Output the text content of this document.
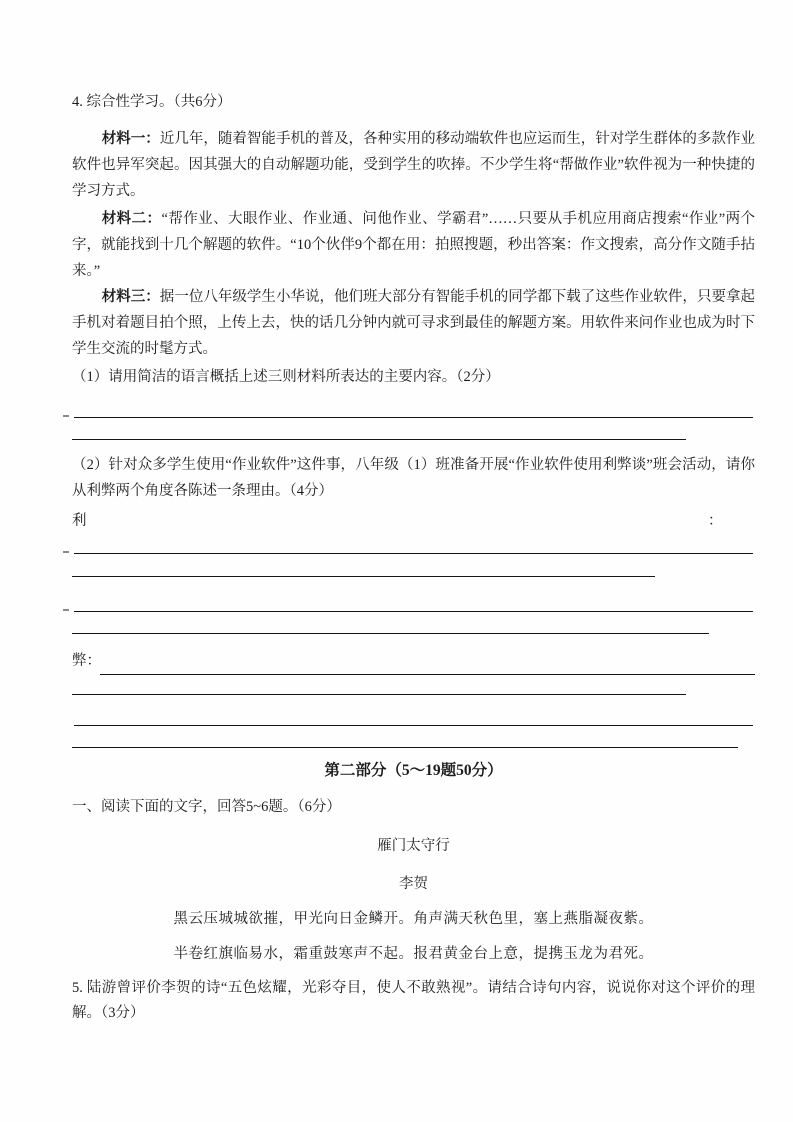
4. 综合性学习。（共6分）

材料一：近几年，随着智能手机的普及，各种实用的移动端软件也应运而生，针对学生群体的多款作业软件也异军突起。因其强大的自动解题功能，受到学生的吹捧。不少学生将“帮做作业”软件视为一种快捷的学习方式。

材料二：“帮作业、大眼作业、作业通、问他作业、学霸君”……只要从手机应用商店搜索“作业”两个字，就能找到十几个解题的软件。“10个伙伴9个都在用：拍照搜题，秒出答案：作文搜索，高分作文随手拈来。”

材料三：据一位八年级学生小华说，他们班大部分有智能手机的同学都下载了这些作业软件，只要拿起手机对着题目拍个照，上传上去，快的话几分钟内就可寻求到最佳的解题方案。用软件来问作业也成为时下学生交流的时髦方式。

（1）请用简洁的语言概括上述三则材料所表达的主要内容。（2分）

（2）针对众多学生使用“作业软件”这件事，八年级（1）班准备开展“作业软件使用利弊谈”班会活动，请你从利弊两个角度各陈述一条理由。（4分）

利	：
弊：
第二部分（5～19题50分）
一、阅读下面的文字，回答5~6题。（6分）
雁门太守行
李贺
黑云压城城欲摧，甲光向日金鳞开。角声满天秋色里，塞上燕脂凝夜紫。
半卷红旗临易水，霜重鼓寒声不起。报君黄金台上意，提携玉龙为君死。

5. 陆游曾评价李贺的诗“五色炫耀，光彩夺目，使人不敢熟视”。请结合诗句内容，说说你对这个评价的理解。（3分）
